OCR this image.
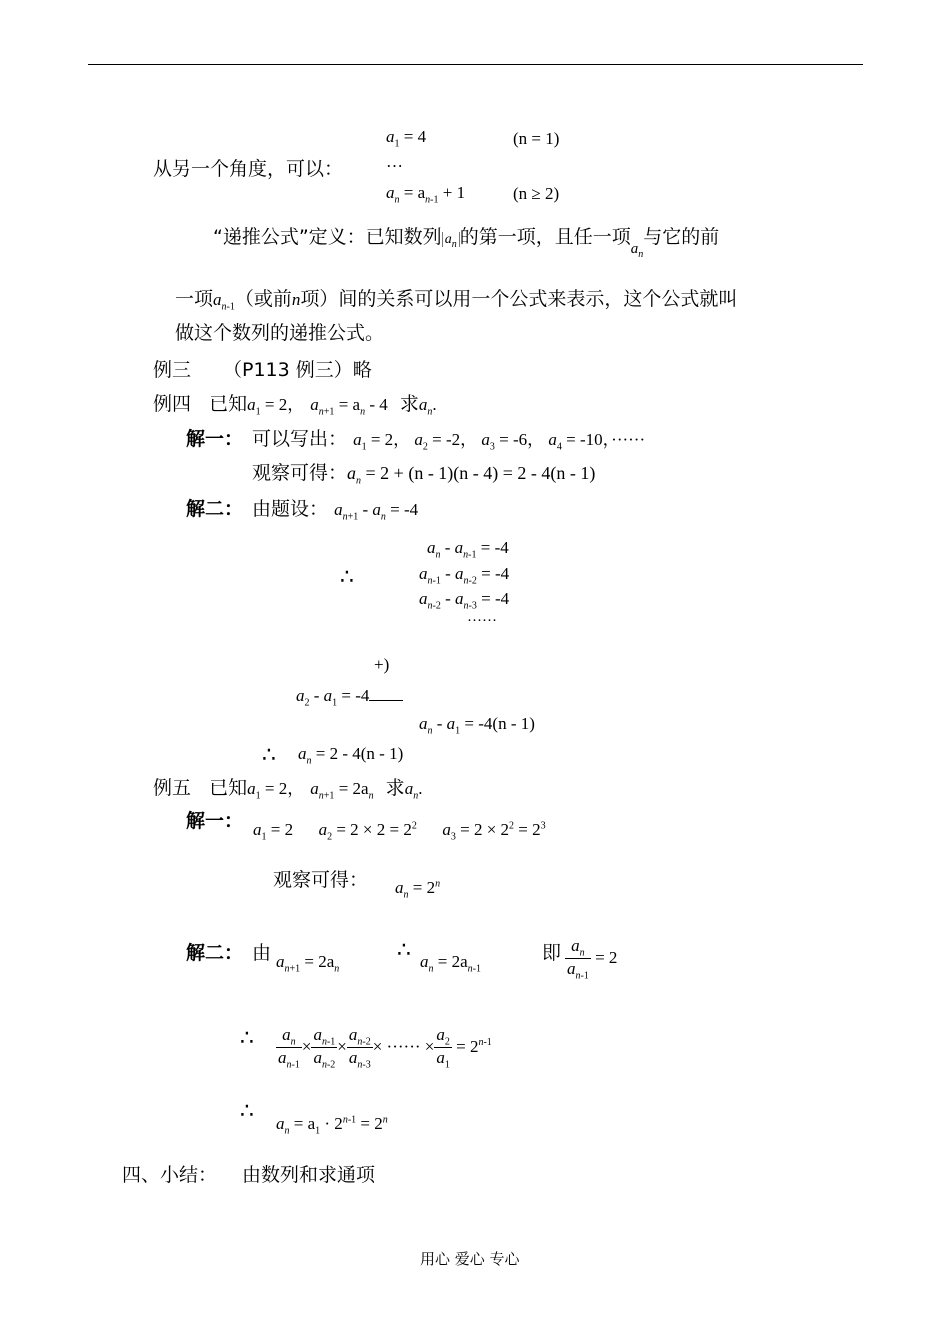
$a_1 = 4$	(n = 1)
从另一个角度，可以：	…
$a_n = a_{n-1} + 1$	(n ≥ 2)
“递推公式”定义：已知数列 $a_n$ 的第一项，且任一项$_{a_n}$与它的前
一项$a_{n-1}$（或前n项）间的关系可以用一个公式来表示，这个公式就叫
做这个数列的递推公式。
例三 （P113 例三）略
例四 已知$a_1 = 2$， $a_{n+1} = a_n - 4$ 求$a_n$.
解一： 可以写出： $a_1 = 2$， $a_2 = -2$， $a_3 = -6$， $a_4 = -10$，······
观察可得：$a_n = 2 + (n - 1)(n - 4) = 2 - 4(n - 1)$
解二： 由题设： $a_{n+1} - a_n = -4$
$a_n - a_{n-1} = -4$
∴	$a_{n-1} - a_{n-2} = -4$
$a_{n-2} - a_{n-3} = -4$
······
+)
$a_2 - a_1 = -4$
$a_n - a_1 = -4(n - 1)$
∴ $a_n = 2 - 4(n - 1)$
例五 已知$a_1 = 2$， $a_{n+1} = 2a_n$ 求$a_n$.
解一： $a_1 = 2$ $a_2 = 2 \times 2 = 2^2$ $a_3 = 2 \times 2^2 = 2^3$
观察可得： $a_n = 2^n$
解二： 由 $a_{n+1} = 2a_n$
∴ $a_n = 2a_{n-1}$
即 $\frac{a_n}{a_{n-1}} = 2$
∴ $\frac{a_n}{a_{n-1}} \times \frac{a_{n-1}}{a_{n-2}} \times \frac{a_{n-2}}{a_{n-3}}$ × ······ × $\frac{a_2}{a_1} = 2^{n-1}$
∴ $a_n = a_1 \cdot 2^{n-1} = 2^n$
四、小结： 由数列和求通项
用心 爱心 专心
